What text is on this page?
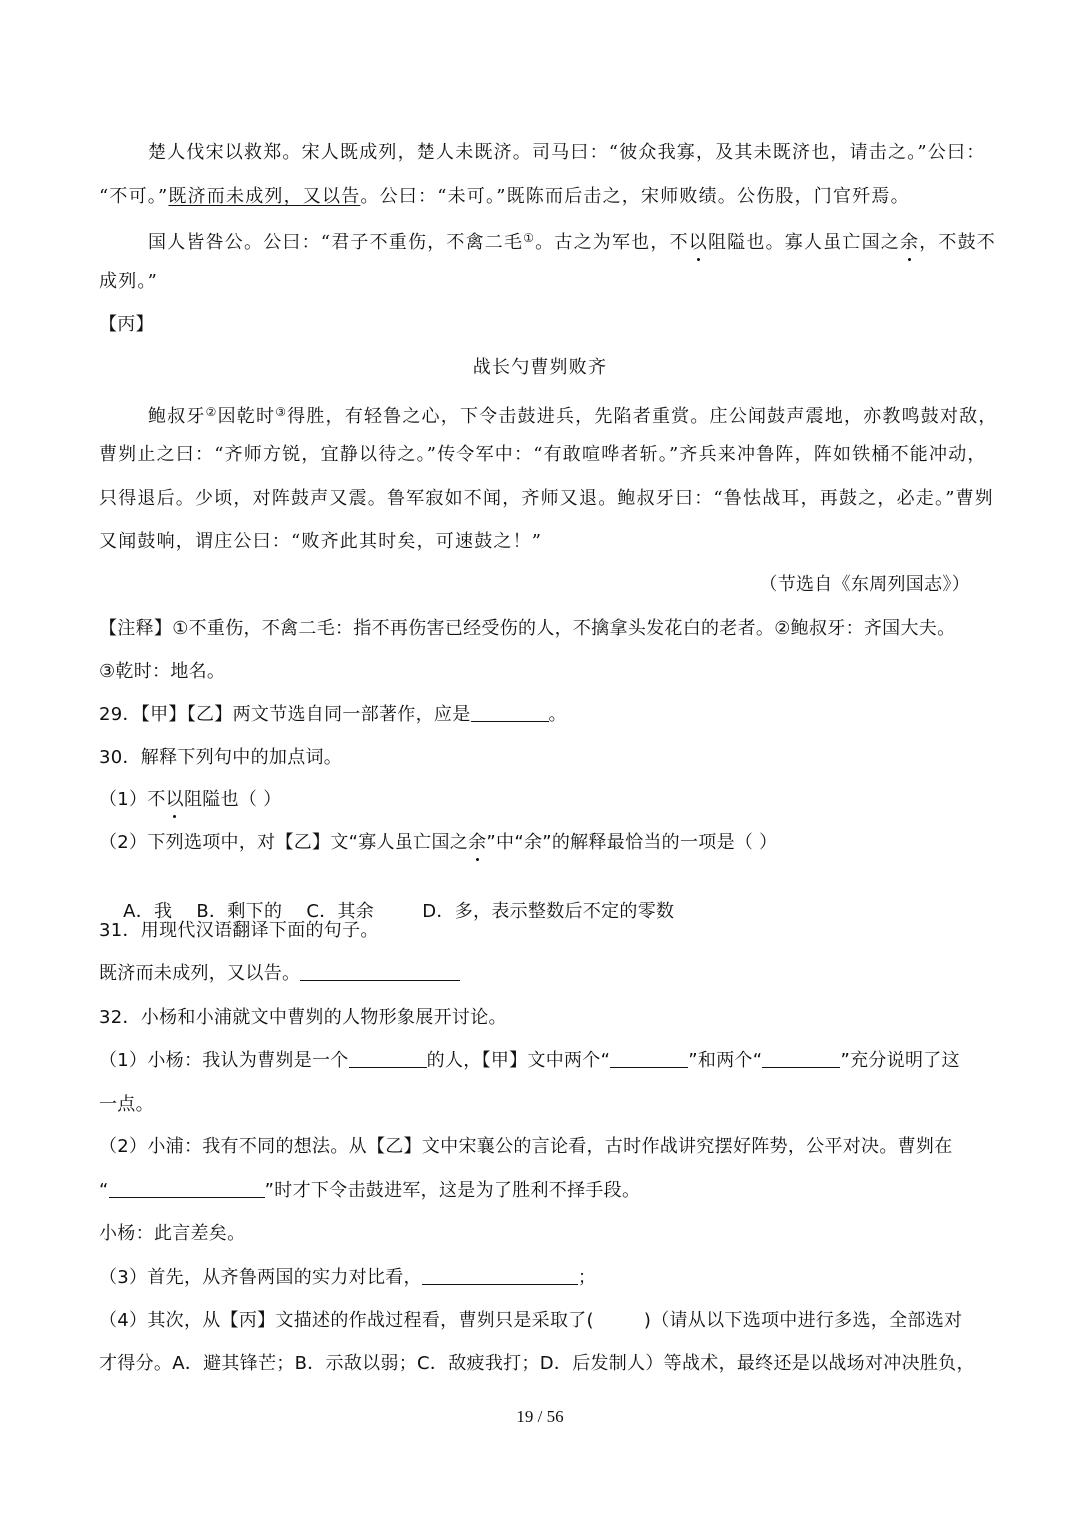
楚人伐宋以救郑。宋人既成列，楚人未既济。司马曰：“彼众我寡，及其未既济也，请击之。”公曰：
“不可。”既济而未成列，又以告。公曰：“未可。”既陈而后击之，宋师败绩。公伤股，门官歼焉。
国人皆咎公。公曰：“君子不重伤，不禽二毛①。古之为军也，不以阻隘也。寡人虽亡国之余，不鼓不
成列。”
【丙】
战长勺曹刿败齐
鲍叔牙②因乾时③得胜，有轻鲁之心，下令击鼓进兵，先陷者重赏。庄公闻鼓声震地，亦教鸣鼓对敌，
曹刿止之曰：“齐师方锐，宜静以待之。”传令军中：“有敢喧哗者斩。”齐兵来冲鲁阵，阵如铁桶不能冲动，
只得退后。少顷，对阵鼓声又震。鲁军寂如不闻，齐师又退。鲍叔牙曰：“鲁怯战耳，再鼓之，必走。”曹刿
又闻鼓响，谓庄公曰：“败齐此其时矣，可速鼓之！”
（节选自《东周列国志》）
【注释】①不重伤，不禽二毛：指不再伤害已经受伤的人，不擒拿头发花白的老者。②鲍叔牙：齐国大夫。
③乾时：地名。
29．【甲】【乙】两文节选自同一部著作，应是	。
30．解释下列句中的加点词。
（1）不以阻隘也（ ）
（2）下列选项中，对【乙】文“寡人虽亡国之余”中“余”的解释最恰当的一项是（ ）

A．我    B．剩下的    C．其余        D．多，表示整数后不定的零数

31．用现代汉语翻译下面的句子。
既济而未成列，又以告。
32．小杨和小浦就文中曹刿的人物形象展开讨论。
（1）小杨：我认为曹刿是一个	的人，【甲】文中两个“	”和两个“	”充分说明了这
一点。
（2）小浦：我有不同的想法。从【乙】文中宋襄公的言论看，古时作战讲究摆好阵势，公平对决。曹刿在
“	”时才下令击鼓进军，这是为了胜利不择手段。
小杨：此言差矣。
（3）首先，从齐鲁两国的实力对比看，	；
（4）其次，从【丙】文描述的作战过程看，曹刿只是采取了(	)（请从以下选项中进行多选，全部选对
才得分。A．避其锋芒；B．示敌以弱；C．敌疲我打；D．后发制人）等战术，最终还是以战场对冲决胜负，
19 / 56
